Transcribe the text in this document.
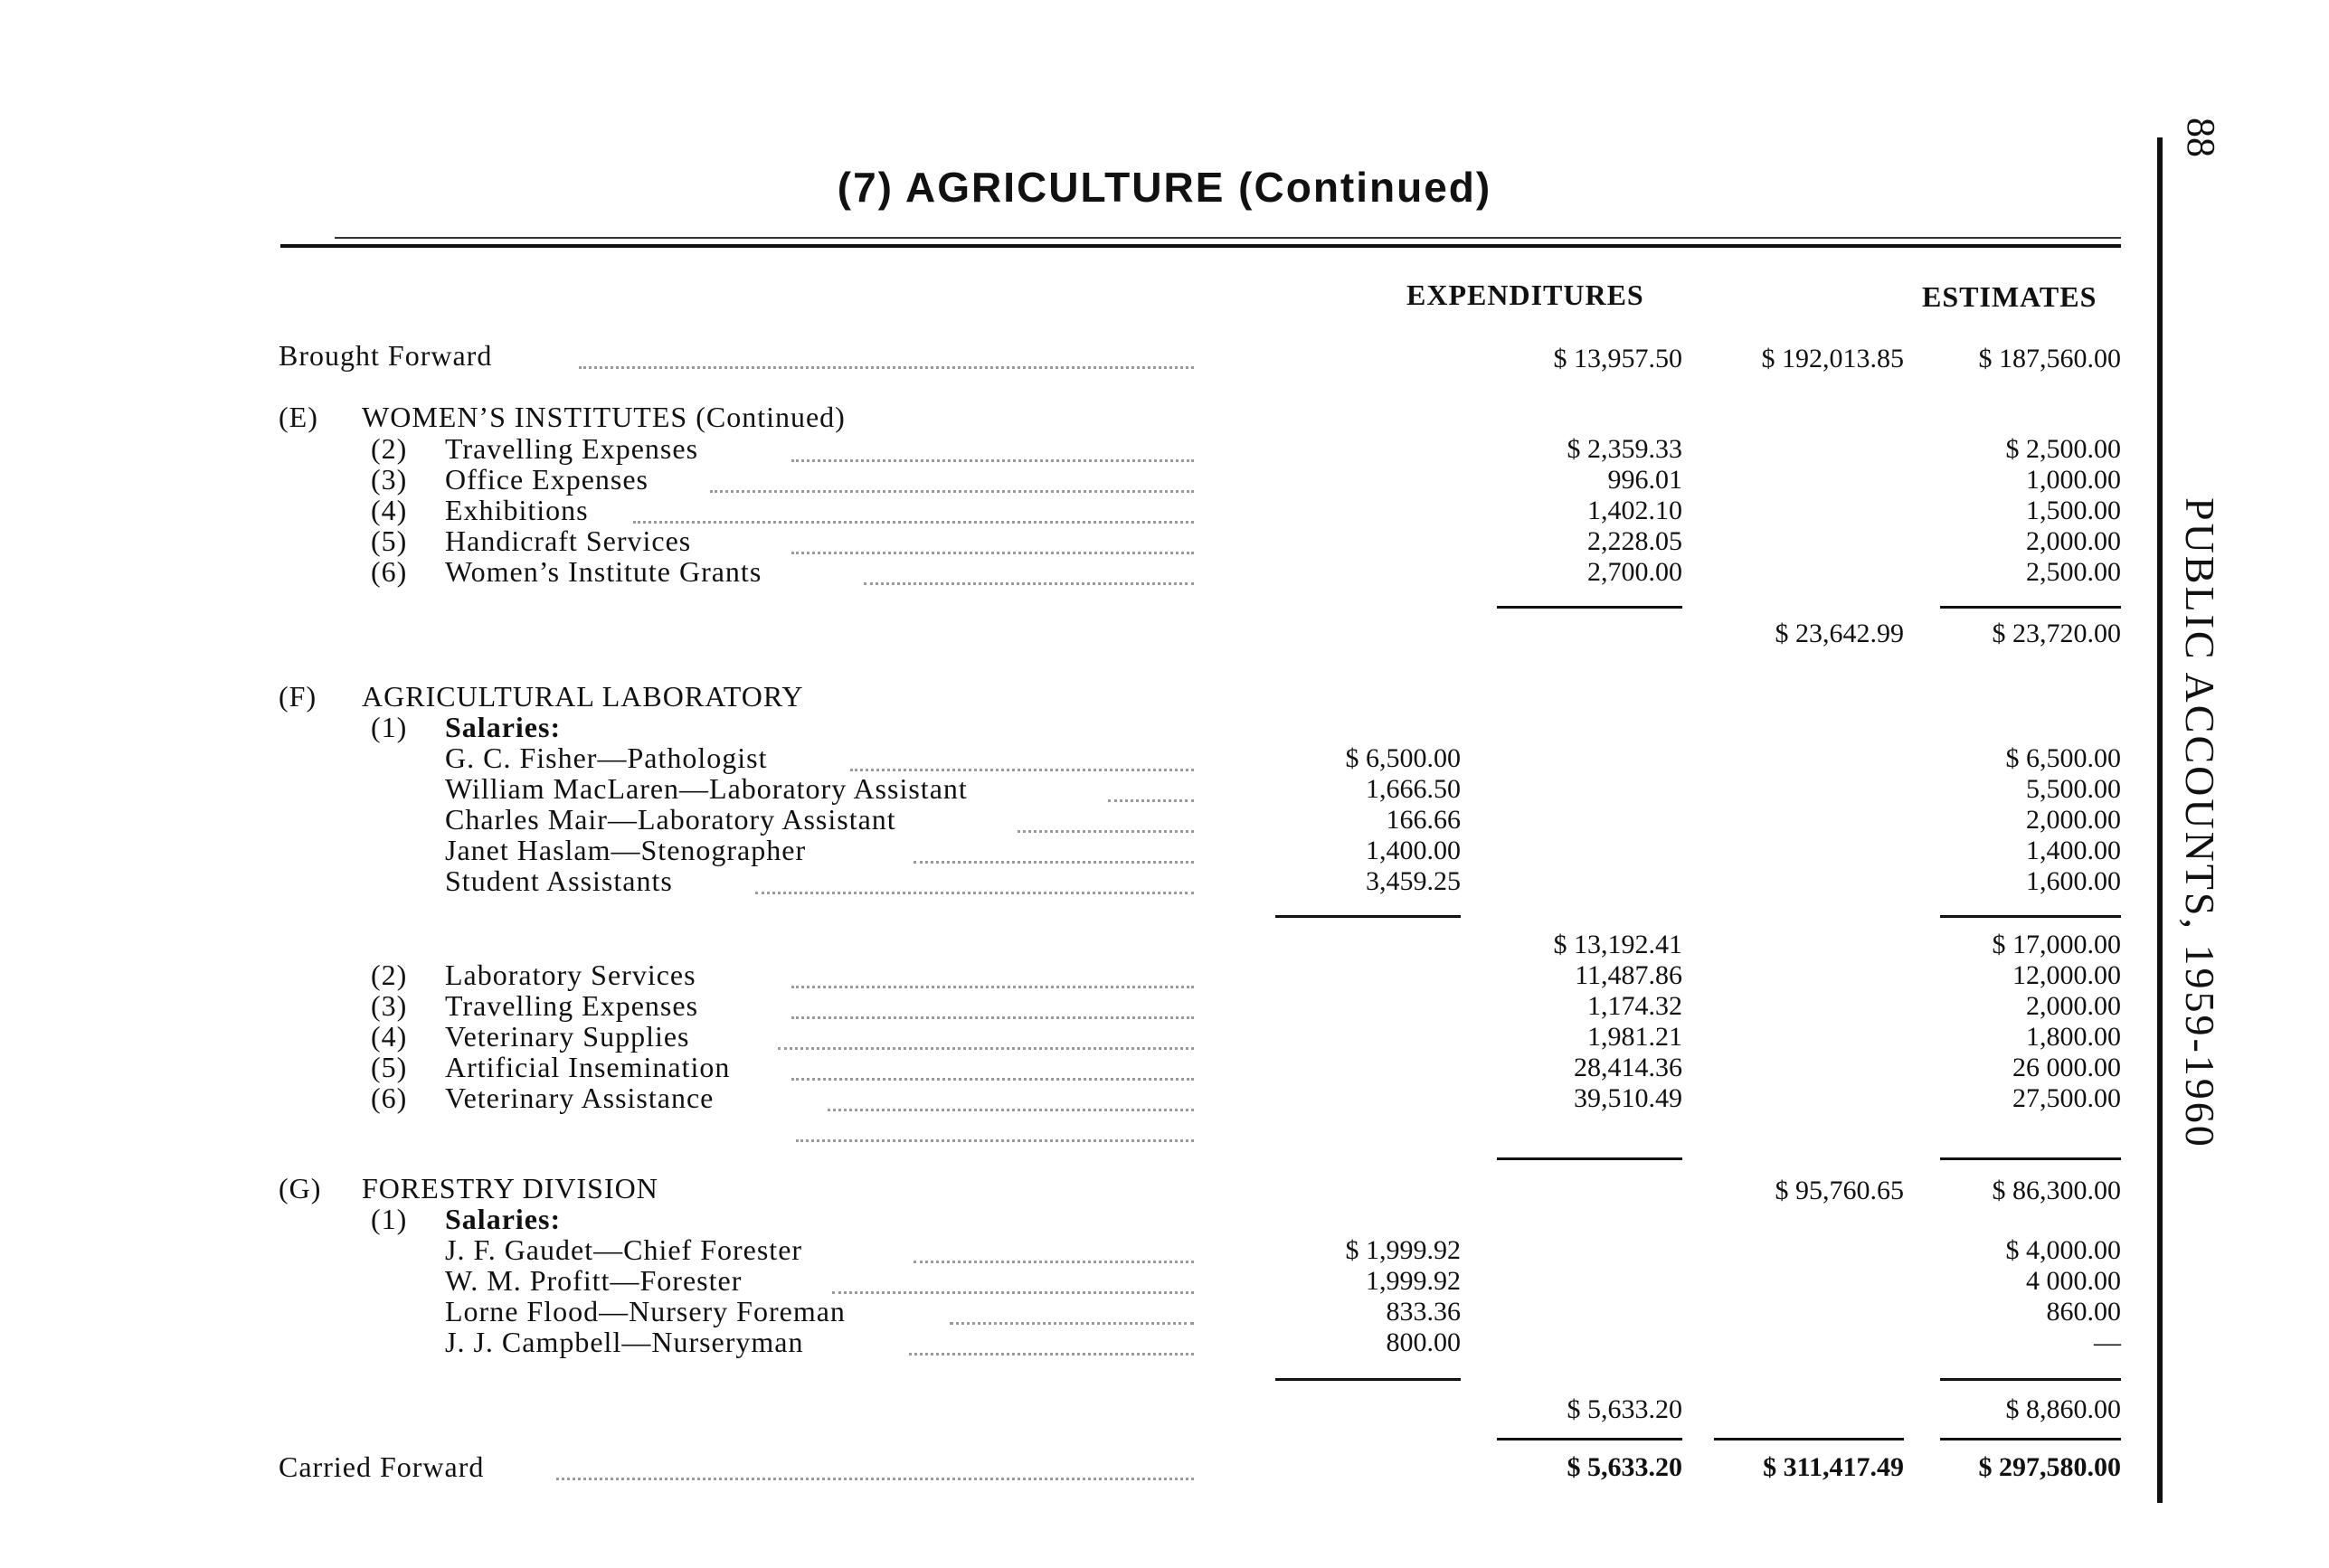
(7) AGRICULTURE (Continued)
88
PUBLIC ACCOUNTS, 1959-1960
EXPENDITURES	ESTIMATES
Brought Forward	$ 13,957.50	$ 192,013.85	$ 187,560.00
(E) WOMEN’S INSTITUTES (Continued)
(2) Travelling Expenses	$ 2,359.33	$ 2,500.00
(3) Office Expenses	996.01	1,000.00
(4) Exhibitions	1,402.10	1,500.00
(5) Handicraft Services	2,228.05	2,000.00
(6) Women’s Institute Grants	2,700.00	2,500.00
$ 23,642.99	$ 23,720.00
(F) AGRICULTURAL LABORATORY
(1) Salaries:
G. C. Fisher—Pathologist	$ 6,500.00	$ 6,500.00
William MacLaren—Laboratory Assistant	1,666.50	5,500.00
Charles Mair—Laboratory Assistant	166.66	2,000.00
Janet Haslam—Stenographer	1,400.00	1,400.00
Student Assistants	3,459.25	1,600.00
$ 13,192.41	$ 17,000.00
(2) Laboratory Services	11,487.86	12,000.00
(3) Travelling Expenses	1,174.32	2,000.00
(4) Veterinary Supplies	1,981.21	1,800.00
(5) Artificial Insemination	28,414.36	26 000.00
(6) Veterinary Assistance	39,510.49	27,500.00
$ 95,760.65	$ 86,300.00
(G) FORESTRY DIVISION
(1) Salaries:
J. F. Gaudet—Chief Forester	$ 1,999.92	$ 4,000.00
W. M. Profitt—Forester	1,999.92	4 000.00
Lorne Flood—Nursery Foreman	833.36	860.00
J. J. Campbell—Nurseryman	800.00	—
$ 5,633.20	$ 8,860.00
Carried Forward	$ 5,633.20	$ 311,417.49	$ 297,580.00
